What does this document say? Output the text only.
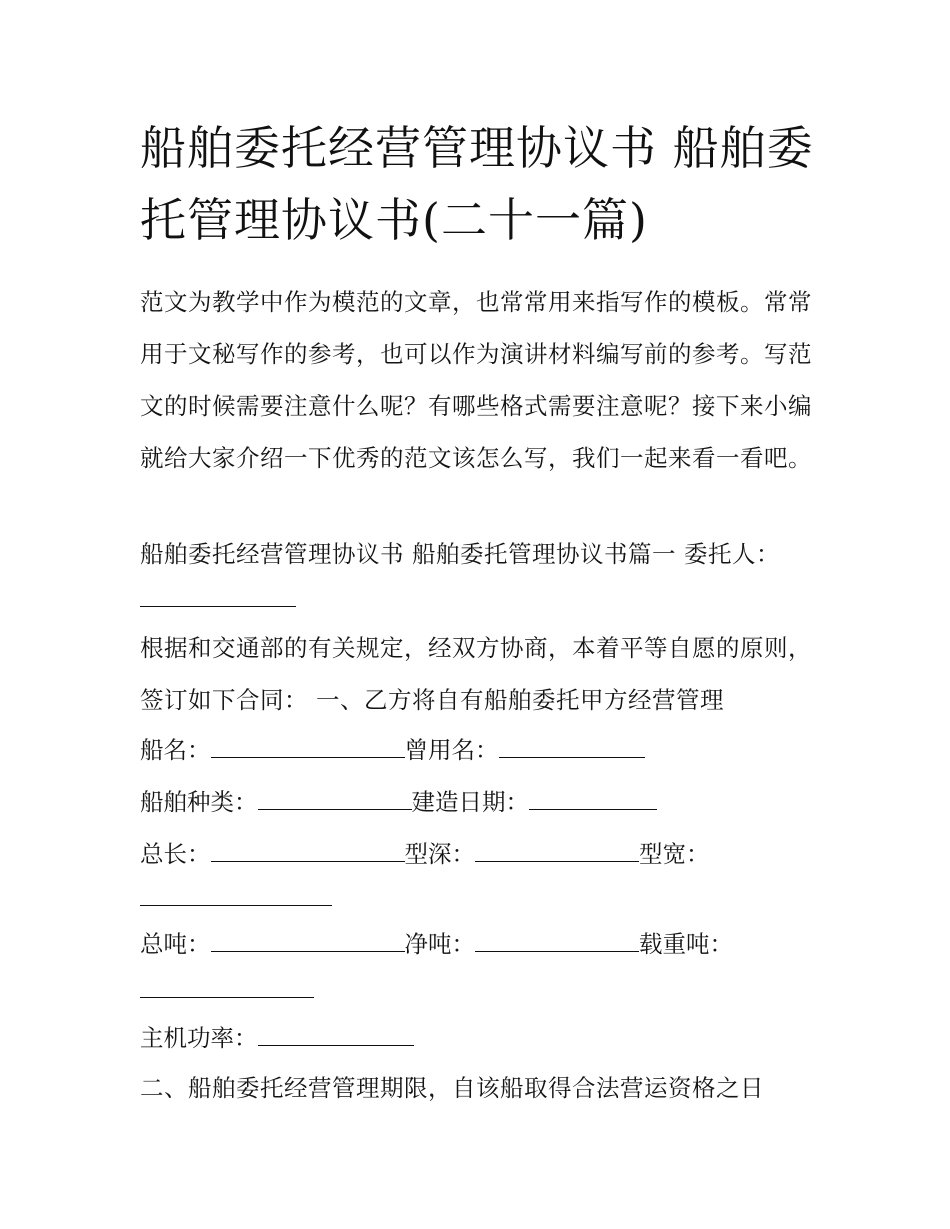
船舶委托经营管理协议书 船舶委托管理协议书(二十一篇)

范文为教学中作为模范的文章，也常常用来指写作的模板。常常用于文秘写作的参考，也可以作为演讲材料编写前的参考。写范文的时候需要注意什么呢？有哪些格式需要注意呢？接下来小编就给大家介绍一下优秀的范文该怎么写，我们一起来看一看吧。

船舶委托经营管理协议书 船舶委托管理协议书篇一 委托人：

根据和交通部的有关规定，经双方协商，本着平等自愿的原则，签订如下合同： 一、乙方将自有船舶委托甲方经营管理

船名：	曾用名：
船舶种类：	建造日期：
总长：	型深：	型宽：
总吨：	净吨：	载重吨：
主机功率：

二、船舶委托经营管理期限，自该船取得合法营运资格之日
